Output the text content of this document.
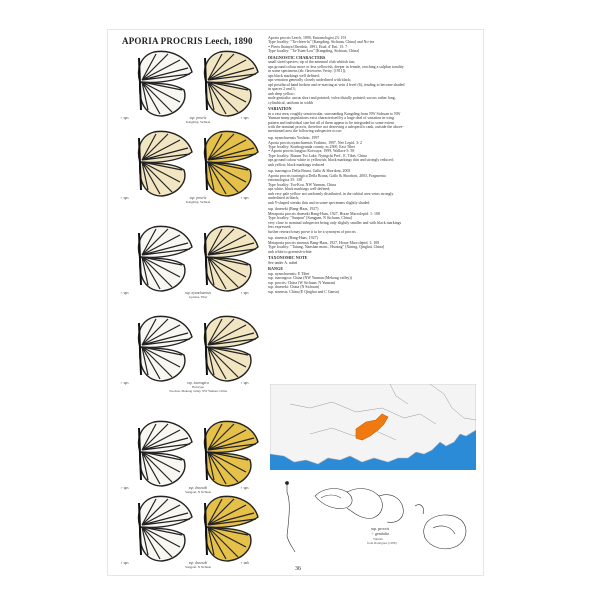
APORIA PROCRIS Leech, 1890
♂ ups	♀ ups
ssp. procris
Kangding, Sichuan
♂ ups	♀ ups
ssp. procris
Kangding, Sichuan
♂ ups	♀ ups
ssp. nyanchuensis
Gyantse, Tibet
♂ ups	♀ ups
ssp. tsarongica
Holotype
Tsa-Kou, Mekong valley, NW Yunnan, China
♂ ups	♀ ups
ssp. draeseki
Songpan, N Sichuan
♀ ups	♀ unh
ssp. draeseki
Songpan, N Sichuan
Aporia procris Leech, 1890, Entomologist 23: 191
Type locality: "Ta-chien-lu" [Kangding, Sichuan, China] and No-tez
= Pieris lhatnya Oberthür, 1891, Étud. d' Ent. 15: 7
Type locality: "Ta-Tsien-Lou" [Kangding, Sichuan, China]
DIAGNOSTIC CHARACTERS
small sized species; tip of the antennal club whitish tan;
ups ground colour more or less yellowish, deeper in female, reaching a sulphur tonality
in some specimens (ab. flavescens Verity, [1911]);
ups black markings well defined;
ups venation generally closely underlined with black;
upf postdiscal band broken and re-starting at vein 4 level (6), tending to become shaded
in spaces 2 and 3;
unh deep yellow;
male genitalia: uncus short and pointed; valva distally pointed; saccus rather long,
cylindrical, uniform in width
VARIATION
in a vast area, roughly semicircular, surrounding Kangding from NW Sichuan to NW
Yunnan many populations exist characterised by a large deal of variation in wing
pattern and individual size but all of them appear to be integraded to some extent
with the nominal procris, therefore not deserving a subspecific rank, outside the above-
mentioned area the following subspecies occur:
ssp. nyanchuensis Yoshino, 1997
Aporia procris nyanchuensis Yoshino, 1997, Nee Lepid. 3: 2
Type locality: Konbogyanda county, m 2500, East Tibet
= Aporia procris longjuo Koiwaya, 1999, Wallace 5: 58
Type locality: Basum Tso Lake, Nyingchi Pref., E. Tibet, China
ups ground colour white to yellowish; black markings thin and strongly reduced;
unh yellow, black markings reduced
ssp. tsarongica Della Bruna, Gallo & Sbordoni, 2003
Aporia procris tsarongica Della Bruna, Gallo & Sbordoni, 2003, Fragmenta
entomologica 35: 138
Type locality: Tsa-Kou, NW Yunnan, China
ups white, black markings well defined;
unh very pale yellow not uniformly distributed, in the cubital area veins strongly
underlined in black;
unh Y-shaped streaks thin and in some specimens slightly shaded
ssp. draeseki (Bang-Haas, 1927)
Metaporia procris draeseki Bang-Haas, 1927, Horae Macrolepid. 1: 108
Type locality: "Sunpan" [Songpan, N Sichuan, China]
very close to nominal subspecies being only slightly smaller and with black markings
less expressed;
further research may prove it to be a synonym of procris
ssp. sinensis (Bang-Haas, 1927)
Metaporia procris sinensis Bang-Haas, 1927, Horae Macrolepid. 1: 108
Type locality: "Tatung, Nanshan mont., Hsining" [Xining, Qinghai, China]
unh white to greenish-white
TAXONOMIC NOTE
See under A. nabel
RANGE
ssp. nyanchuensis: E Tibet
ssp. tsarongica: China (NW Yunnan (Mekong valley))
ssp. procris: China (W Sichuan, N Yunnan)
ssp. draeseki: China (N Sichuan)
ssp. sinensis: China (E Qinghai and C Gansu)
ssp. procris
♂ genitalia
Yunnan
from Rodriguez (1998)
36
